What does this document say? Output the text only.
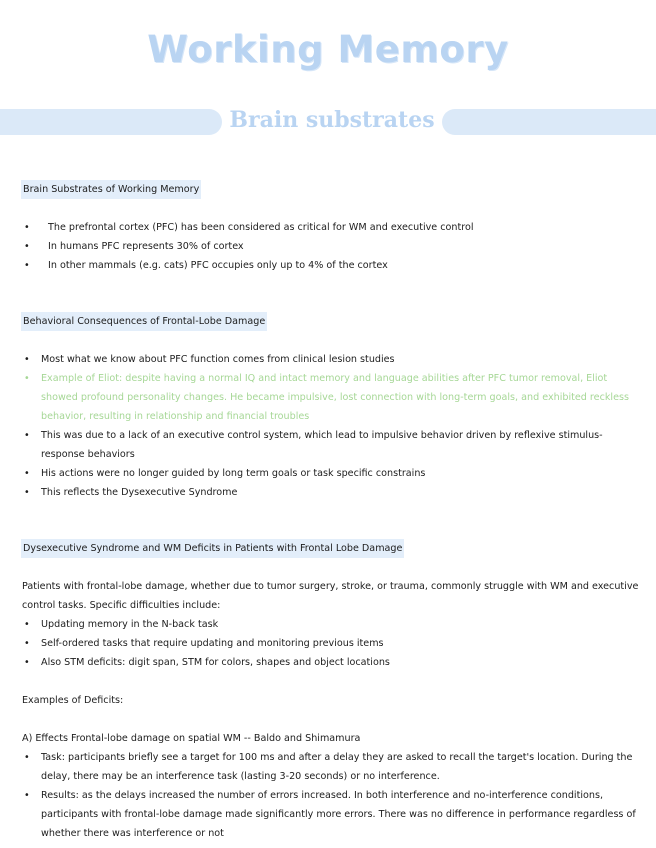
Working Memory
Brain substrates
Brain Substrates of Working Memory
• The prefrontal cortex (PFC) has been considered as critical for WM and executive control
• In humans PFC represents 30% of cortex
• In other mammals (e.g. cats) PFC occupies only up to 4% of the cortex
Behavioral Consequences of Frontal-Lobe Damage
• Most what we know about PFC function comes from clinical lesion studies
• Example of Eliot: despite having a normal IQ and intact memory and language abilities after PFC tumor removal, Eliot showed profound personality changes. He became impulsive, lost connection with long-term goals, and exhibited reckless behavior, resulting in relationship and financial troubles
• This was due to a lack of an executive control system, which lead to impulsive behavior driven by reflexive stimulus-response behaviors
• His actions were no longer guided by long term goals or task specific constrains
• This reflects the Dysexecutive Syndrome
Dysexecutive Syndrome and WM Deficits in Patients with Frontal Lobe Damage

Patients with frontal-lobe damage, whether due to tumor surgery, stroke, or trauma, commonly struggle with WM and executive control tasks. Specific difficulties include:

• Updating memory in the N-back task
• Self-ordered tasks that require updating and monitoring previous items
• Also STM deficits: digit span, STM for colors, shapes and object locations
Examples of Deficits:

A) Effects Frontal-lobe damage on spatial WM -- Baldo and Shimamura

• Task: participants briefly see a target for 100 ms and after a delay they are asked to recall the target's location. During the delay, there may be an interference task (lasting 3-20 seconds) or no interference.
• Results: as the delays increased the number of errors increased. In both interference and no-interference conditions, participants with frontal-lobe damage made significantly more errors. There was no difference in performance regardless of whether there was interference or not
